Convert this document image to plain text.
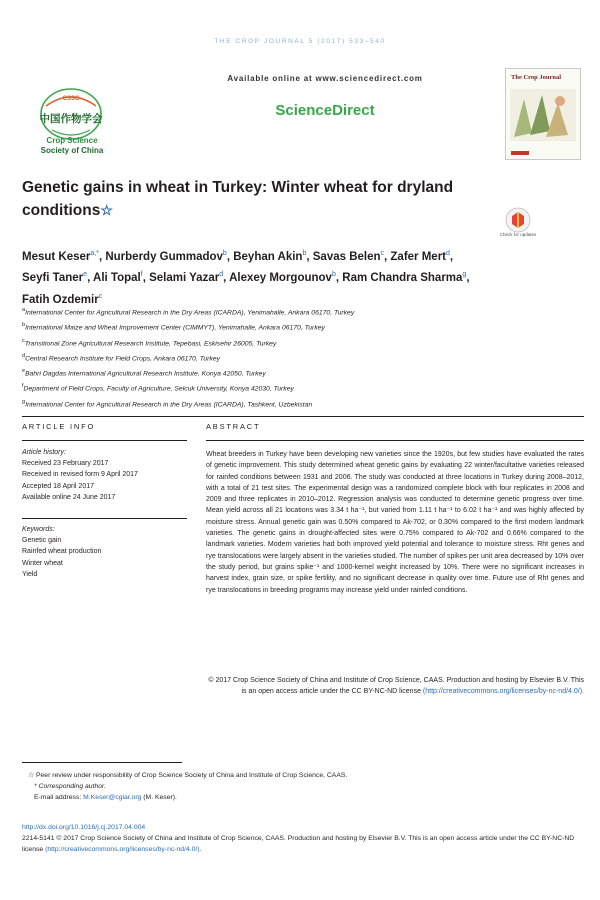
THE CROP JOURNAL 5 (2017) 533–540
CSSC
中国作物学会
Crop Science
Society of China
Available online at www.sciencedirect.com
ScienceDirect
The Crop Journal
Genetic gains in wheat in Turkey: Winter wheat for dryland conditions☆
Check for updates
Mesut Keser$^{a,*}$, Nurberdy Gummadov$^b$, Beyhan Akin$^b$, Savas Belen$^c$, Zafer Mert$^d$,
Seyfi Taner$^e$, Ali Topal$^f$, Selami Yazar$^d$, Alexey Morgounov$^b$, Ram Chandra Sharma$^g$,
Fatih Ozdemir$^c$
$^a$International Center for Agricultural Research in the Dry Areas (ICARDA), Yenimahalle, Ankara 06170, Turkey
$^b$International Maize and Wheat Improvement Center (CIMMYT), Yenimahalle, Ankara 06170, Turkey
$^c$Transitional Zone Agricultural Research Institute, Tepebasi, Eskisehir 26005, Turkey
$^d$Central Research Institute for Field Crops, Ankara 06170, Turkey
$^e$Bahri Dagdas International Agricultural Research Institute, Konya 42050, Turkey
$^f$Department of Field Crops, Faculty of Agriculture, Selcuk University, Konya 42030, Turkey
$^g$International Center for Agricultural Research in the Dry Areas (ICARDA), Tashkent, Uzbekistan
ARTICLE INFO	ABSTRACT
Article history:
Received 23 February 2017
Received in revised form 9 April 2017
Accepted 18 April 2017
Available online 24 June 2017
Keywords:
Genetic gain
Rainfed wheat production
Winter wheat
Yield
Wheat breeders in Turkey have been developing new varieties since the 1920s, but few studies have evaluated the rates of genetic improvement. This study determined wheat genetic gains by evaluating 22 winter/facultative varieties released for rainfed conditions between 1931 and 2006. The study was conducted at three locations in Turkey during 2008–2012, with a total of 21 test sites. The experimental design was a randomized complete block with four replicates in 2008 and 2009 and three replicates in 2010–2012. Regression analysis was conducted to determine genetic progress over time. Mean yield across all 21 locations was 3.34 t ha⁻¹, but varied from 1.11 t ha⁻¹ to 6.02 t ha⁻¹ and was highly affected by moisture stress. Annual genetic gain was 0.50% compared to Ak-702, or 0.30% compared to the first modern landmark varieties. The genetic gains in drought-affected sites were 0.75% compared to Ak-702 and 0.66% compared to the landmark varieties. Modern varieties had both improved yield potential and tolerance to moisture stress. Rht genes and rye translocations were largely absent in the varieties studied. The number of spikes per unit area decreased by 10% over the study period, but grains spike⁻¹ and 1000-kernel weight increased by 10%. There were no significant increases in harvest index, grain size, or spike fertility, and no significant decrease in quality over time. Future use of Rht genes and rye translocations in breeding programs may increase yield under rainfed conditions.
© 2017 Crop Science Society of China and Institute of Crop Science, CAAS. Production and hosting by Elsevier B.V. This is an open access article under the CC BY-NC-ND license (http://creativecommons.org/licenses/by-nc-nd/4.0/).
☆ Peer review under responsibility of Crop Science Society of China and Institute of Crop Science, CAAS.
* Corresponding author.
E-mail address: M.Keser@cgiar.org (M. Keser).
http://dx.doi.org/10.1016/j.cj.2017.04.004
2214-5141 © 2017 Crop Science Society of China and Institute of Crop Science, CAAS. Production and hosting by Elsevier B.V. This is an open access article under the CC BY-NC-ND license (http://creativecommons.org/licenses/by-nc-nd/4.0/).
